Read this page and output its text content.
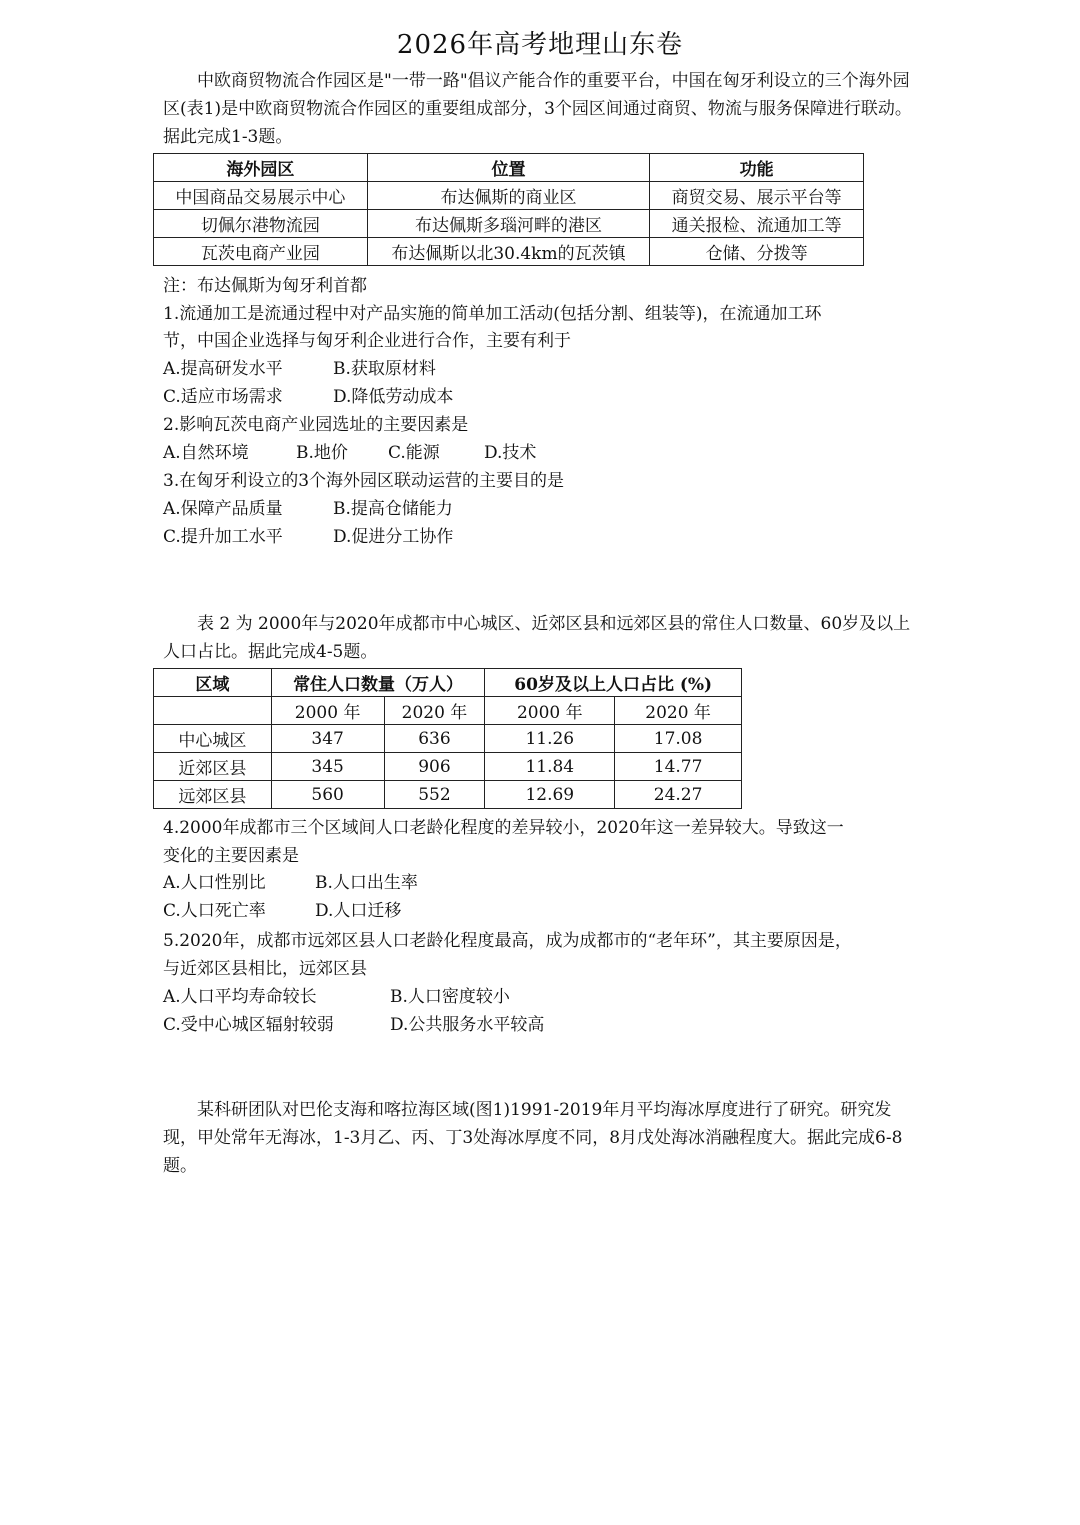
2026年高考地理山东卷

中欧商贸物流合作园区是"一带一路"倡议产能合作的重要平台，中国在匈牙利设立的三个海外园区(表1)是中欧商贸物流合作园区的重要组成部分，3个园区间通过商贸、物流与服务保障进行联动。据此完成1-3题。

海外园区	位置	功能
中国商品交易展示中心	布达佩斯的商业区	商贸交易、展示平台等
切佩尔港物流园	布达佩斯多瑙河畔的港区	通关报检、流通加工等
瓦茨电商产业园	布达佩斯以北30.4km的瓦茨镇	仓储、分拨等
注：布达佩斯为匈牙利首都
1.流通加工是流通过程中对产品实施的简单加工活动(包括分割、组装等)，在流通加工环
节，中国企业选择与匈牙利企业进行合作，主要有利于
A.提高研发水平	B.获取原材料
C.适应市场需求	D.降低劳动成本
2.影响瓦茨电商产业园选址的主要因素是
A.自然环境	B.地价 C.能源	D.技术
3.在匈牙利设立的3个海外园区联动运营的主要目的是
A.保障产品质量	B.提高仓储能力
C.提升加工水平	D.促进分工协作

表 2 为 2000年与2020年成都市中心城区、近郊区县和远郊区县的常住人口数量、60岁及以上人口占比。据此完成4-5题。

区域	常住人口数量（万人）		60岁及以上人口占比 (%)	
	2000 年	2020 年	2000 年	2020 年
中心城区	347	636	11.26	17.08
近郊区县	345	906	11.84	14.77
远郊区县	560	552	12.69	24.27
4.2000年成都市三个区域间人口老龄化程度的差异较小，2020年这一差异较大。导致这一
变化的主要因素是
A.人口性别比	B.人口出生率
C.人口死亡率	D.人口迁移
5.2020年，成都市远郊区县人口老龄化程度最高，成为成都市的“老年环”，其主要原因是，
与近郊区县相比，远郊区县
A.人口平均寿命较长	B.人口密度较小
C.受中心城区辐射较弱	D.公共服务水平较高

某科研团队对巴伦支海和喀拉海区域(图1)1991-2019年月平均海冰厚度进行了研究。研究发现，甲处常年无海冰，1-3月乙、丙、丁3处海冰厚度不同，8月戊处海冰消融程度大。据此完成6-8题。
